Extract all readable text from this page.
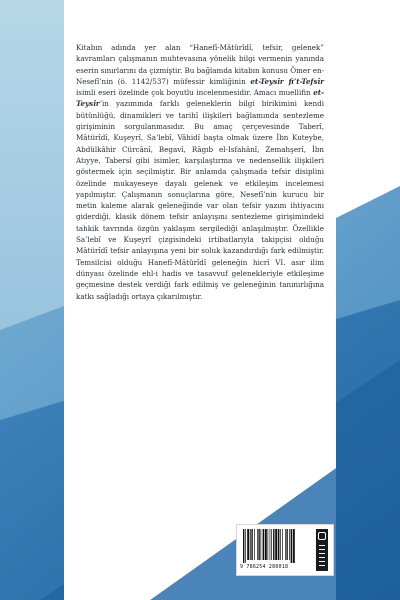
Kitabın adında yer alan “Hanefî-Mâtürîdî, tefsir, gelenek” kavramları çalışmanın muhtevasına yönelik bilgi vermenin yanında eserin sınırlarını da çizmiştir. Bu bağlamda kitabın konusu Ömer en-Nesefî’nin (ö. 1142/537) müfessir kimliğinin et-Teysîr fi’t-Tefsîr isimli eseri özelinde çok boyutlu incelenmesidir. Amacı muellifin et-Teysîr’in yazımında farklı geleneklerin bilgi birikimini kendi bütünlüğü, dinamikleri ve tarihî ilişkileri bağlamında sentezleme girişiminin sorgulanmasıdır. Bu amaç çerçevesinde Taberî, Mâtürîdî, Kuşeyrî, Sa’lebî, Vâhidî başta olmak üzere İbn Kuteybe, Abdülkâhir Cürcânî, Begavî, Râgıb el-Isfahânî, Zemahşerî, İbn Atıyye, Tabersî gibi isimler, karşılaştırma ve nedensellik ilişkileri göstermek için seçilmiştir. Bir anlamda çalışmada tefsir disiplini özelinde mukayeseye dayalı gelenek ve etkileşim incelemesi yapılmıştır. Çalışmanın sonuçlarına göre, Nesefî’nin kurucu bir metin kaleme alarak geleneğinde var olan tefsir yazım ihtiyacını giderdiği, klasik dönem tefsir anlayışını sentezleme girişimindeki tahkik tavrında özgün yaklaşım sergilediği anlaşılmıştır. Özellikle Sa’lebî ve Kuşeyrî çizgisindeki irtibatlarıyla takipçisi olduğu Mâtürîdî tefsir anlayışına yeni bir soluk kazandırdığı fark edilmiştir. Temsilcisi olduğu Hanefî-Mâtürîdî geleneğin hicrî VI. asır ilim dünyası özelinde ehl-i hadis ve tasavvuf gelenekleriyle etkileşime geçmesine destek verdiği fark edilmiş ve geleneğinin tanınırlığına katkı sağladığı ortaya çıkarılmıştır.

9 786254 286018
